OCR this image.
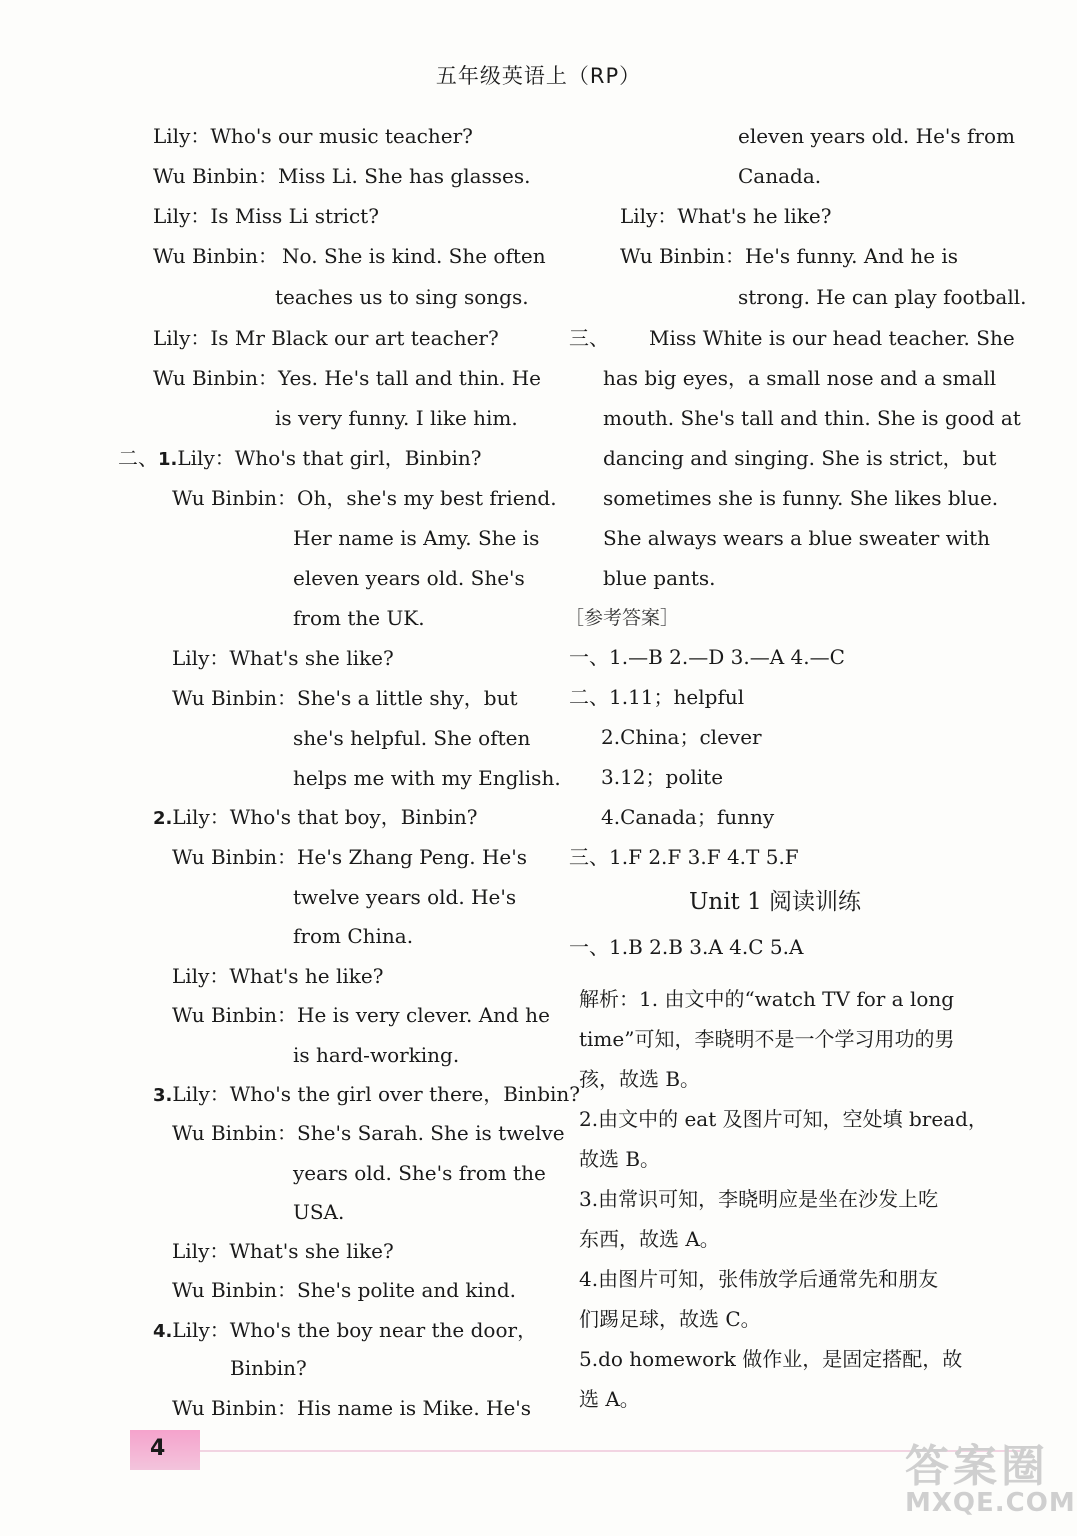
五年级英语上（RP）
Lily：Who's our music teacher?
Wu Binbin：Miss Li. She has glasses.
Lily：Is Miss Li strict?
Wu Binbin： No. She is kind. She often
teaches us to sing songs.
Lily：Is Mr Black our art teacher?
Wu Binbin：Yes. He's tall and thin. He
is very funny. I like him.
二、1.Lily：Who's that girl，Binbin?
Wu Binbin：Oh，she's my best friend.
Her name is Amy. She is
eleven years old. She's
from the UK.
Lily：What's she like?
Wu Binbin：She's a little shy，but
she's helpful. She often
helps me with my English.
2.Lily：Who's that boy，Binbin?
Wu Binbin：He's Zhang Peng. He's
twelve years old. He's
from China.
Lily：What's he like?
Wu Binbin：He is very clever. And he
is hard-working.
3.Lily：Who's the girl over there，Binbin?
Wu Binbin：She's Sarah. She is twelve
years old. She's from the
USA.
Lily：What's she like?
Wu Binbin：She's polite and kind.
4.Lily：Who's the boy near the door，
Binbin?
Wu Binbin：His name is Mike. He's
eleven years old. He's from
Canada.
Lily：What's he like?
Wu Binbin：He's funny. And he is
strong. He can play football.
三、 Miss White is our head teacher. She
has big eyes，a small nose and a small
mouth. She's tall and thin. She is good at
dancing and singing. She is strict，but
sometimes she is funny. She likes blue.
She always wears a blue sweater with
blue pants.
［参考答案］
一、1.—B 2.—D 3.—A 4.—C
二、1.11；helpful
2.China；clever
3.12；polite
4.Canada；funny
三、1.F 2.F 3.F 4.T 5.F
Unit 1 阅读训练
一、1.B 2.B 3.A 4.C 5.A
解析：1. 由文中的“watch TV for a long
time”可知，李晓明不是一个学习用功的男
孩，故选 B。
2.由文中的 eat 及图片可知，空处填 bread，
故选 B。
3.由常识可知，李晓明应是坐在沙发上吃
东西，故选 A。
4.由图片可知，张伟放学后通常先和朋友
们踢足球，故选 C。
5.do homework 做作业，是固定搭配，故
选 A。
4	答案圈
MXQE.COM
